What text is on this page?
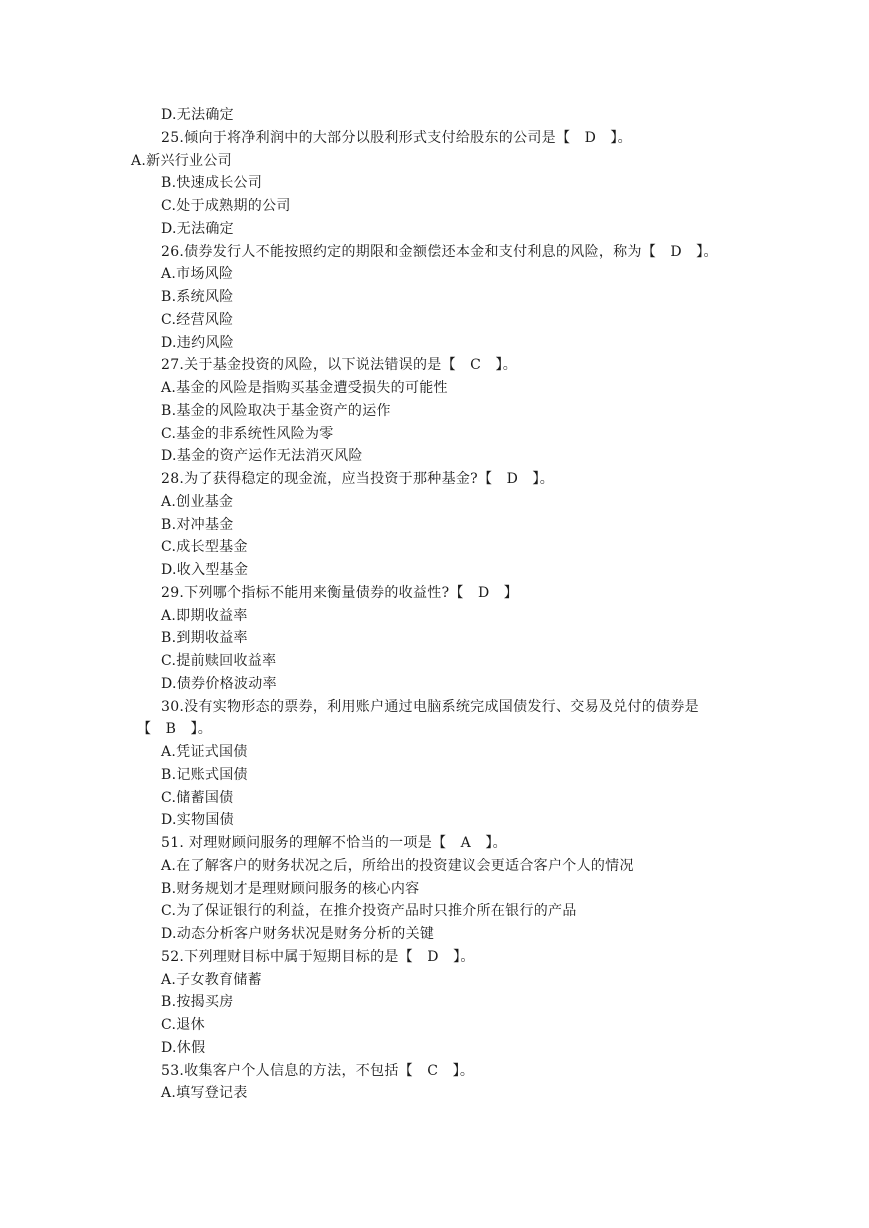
D.无法确定
25.倾向于将净利润中的大部分以股利形式支付给股东的公司是【　D　】。
A.新兴行业公司
B.快速成长公司
C.处于成熟期的公司
D.无法确定
26.债券发行人不能按照约定的期限和金额偿还本金和支付利息的风险，称为【　D　】。
A.市场风险
B.系统风险
C.经营风险
D.违约风险
27.关于基金投资的风险，以下说法错误的是【　C　】。
A.基金的风险是指购买基金遭受损失的可能性
B.基金的风险取决于基金资产的运作
C.基金的非系统性风险为零
D.基金的资产运作无法消灭风险
28.为了获得稳定的现金流，应当投资于那种基金?【　D　】。
A.创业基金
B.对冲基金
C.成长型基金
D.收入型基金
29.下列哪个指标不能用来衡量债券的收益性?【　D　】
A.即期收益率
B.到期收益率
C.提前赎回收益率
D.债券价格波动率
30.没有实物形态的票券，利用账户通过电脑系统完成国债发行、交易及兑付的债券是
【　B　】。
A.凭证式国债
B.记账式国债
C.储蓄国债
D.实物国债
51. 对理财顾问服务的理解不恰当的一项是【　A　】。
A.在了解客户的财务状况之后，所给出的投资建议会更适合客户个人的情况
B.财务规划才是理财顾问服务的核心内容
C.为了保证银行的利益，在推介投资产品时只推介所在银行的产品
D.动态分析客户财务状况是财务分析的关键
52.下列理财目标中属于短期目标的是【　D　】。
A.子女教育储蓄
B.按揭买房
C.退休
D.休假
53.收集客户个人信息的方法，不包括【　C　】。
A.填写登记表
